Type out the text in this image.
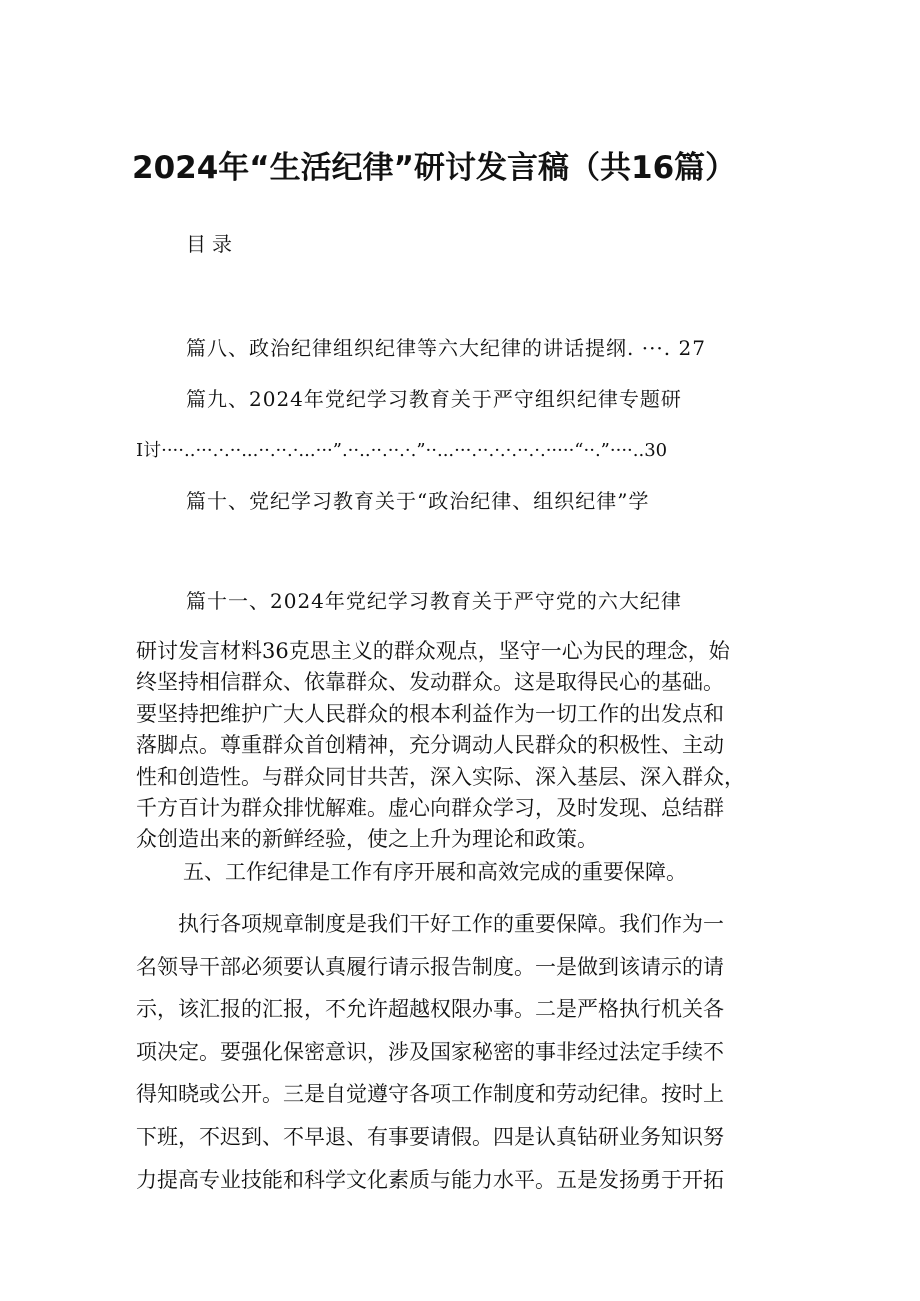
2024年“生活纪律”研讨发言稿（共16篇）
目录
篇八、政治纪律组织纪律等六大纪律的讲话提纲. ···. 27
篇九、2024年党纪学习教育关于严守组织纪律专题研
I讨····..···.·.··...··.··.·...···”.··..··.··.·.”··...···.··.·.·.··.·.·····“··.”····..30
篇十、党纪学习教育关于“政治纪律、组织纪律”学
篇十一、2024年党纪学习教育关于严守党的六大纪律
研讨发言材料36克思主义的群众观点，坚守一心为民的理念，始
终坚持相信群众、依靠群众、发动群众。这是取得民心的基础。
要坚持把维护广大人民群众的根本利益作为一切工作的出发点和
落脚点。尊重群众首创精神，充分调动人民群众的积极性、主动
性和创造性。与群众同甘共苦，深入实际、深入基层、深入群众，
千方百计为群众排忧解难。虚心向群众学习，及时发现、总结群
众创造出来的新鲜经验，使之上升为理论和政策。
五、工作纪律是工作有序开展和高效完成的重要保障。
执行各项规章制度是我们干好工作的重要保障。我们作为一
名领导干部必须要认真履行请示报告制度。一是做到该请示的请
示，该汇报的汇报，不允许超越权限办事。二是严格执行机关各
项决定。要强化保密意识，涉及国家秘密的事非经过法定手续不
得知晓或公开。三是自觉遵守各项工作制度和劳动纪律。按时上
下班，不迟到、不早退、有事要请假。四是认真钻研业务知识努
力提高专业技能和科学文化素质与能力水平。五是发扬勇于开拓
